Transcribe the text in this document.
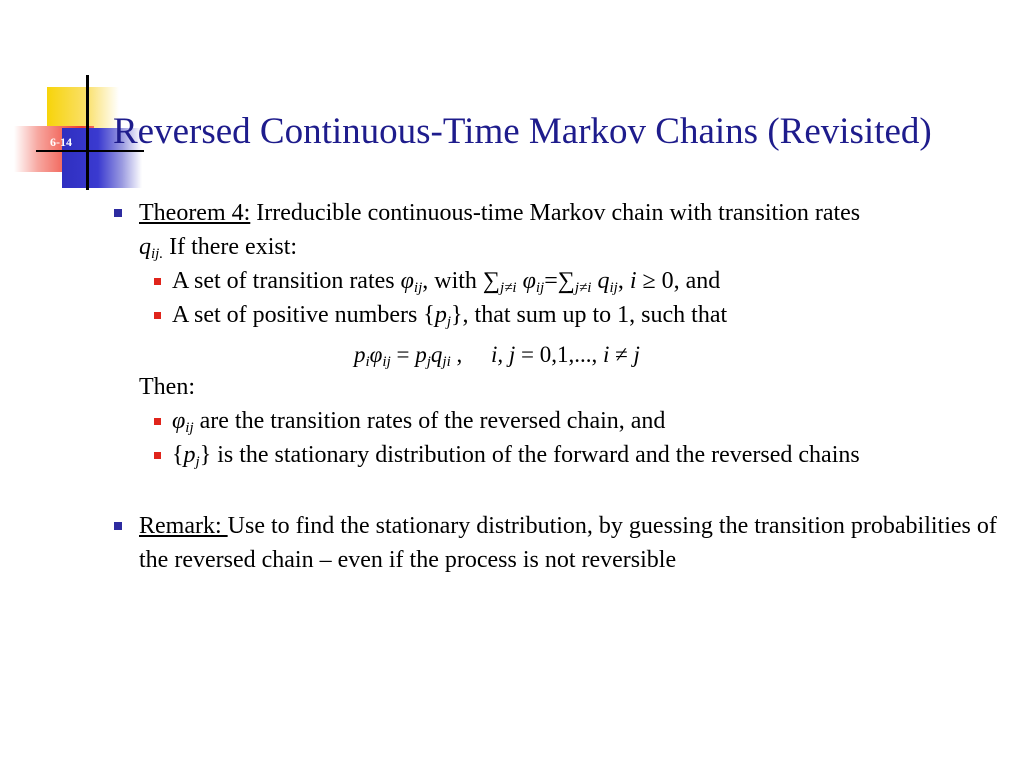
6-14	Reversed Continuous-Time Markov Chains (Revisited)

Theorem 4: Irreducible continuous-time Markov chain with transition rates
$q_{ij.}$ If there exist:

A set of transition rates $\varphi_{ij}$, with $\sum_{j\ne i}$ $\varphi_{ij}=\sum_{j\ne i}$ $q_{ij}$, i ≥ 0, and

A set of positive numbers $\{p_j\}$, that sum up to 1, such that

$p_i\varphi_{ij} = p_jq_{ji}$ , i, j = 0,1,..., i ≠ j

Then:

$\varphi_{ij}$ are the transition rates of the reversed chain, and

$\{p_j\}$ is the stationary distribution of the forward and the reversed chains

Remark: Use to find the stationary distribution, by guessing the transition probabilities of the reversed chain – even if the process is not reversible
